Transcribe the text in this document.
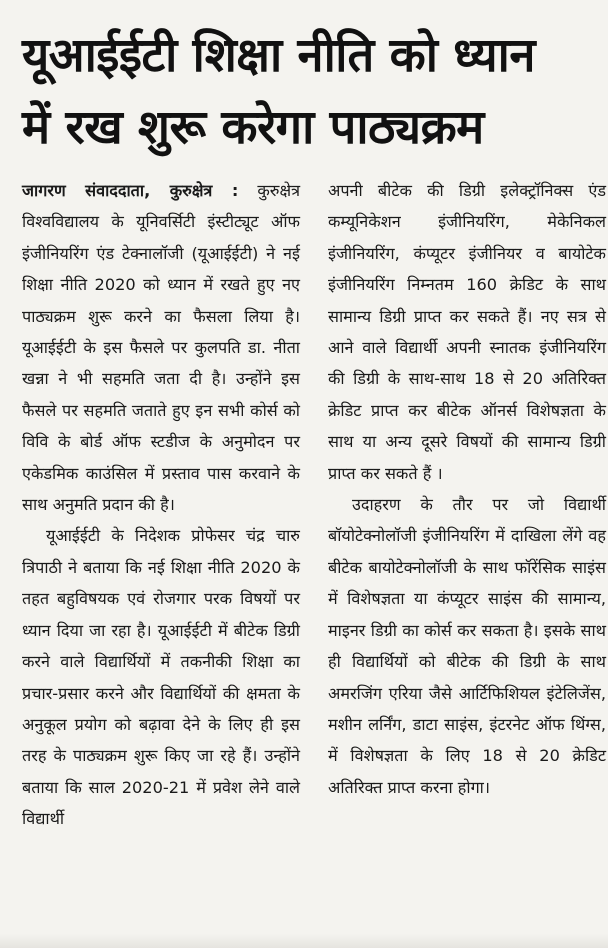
यूआईईटी शिक्षा नीति को ध्यान
में रख शुरू करेगा पाठ्यक्रम

जागरण संवाददाता, कुरुक्षेत्र : कुरुक्षेत्र विश्वविद्यालय के यूनिवर्सिटी इंस्टीट्यूट ऑफ इंजीनियरिंग एंड टेक्नालॉजी (यूआईईटी) ने नई शिक्षा नीति 2020 को ध्यान में रखते हुए नए पाठ्यक्रम शुरू करने का फैसला लिया है। यूआईईटी के इस फैसले पर कुलपति डा. नीता खन्ना ने भी सहमति जता दी है। उन्होंने इस फैसले पर सहमति जताते हुए इन सभी कोर्स को विवि के बोर्ड ऑफ स्टडीज के अनुमोदन पर एकेडमिक काउंसिल में प्रस्ताव पास करवाने के साथ अनुमति प्रदान की है।

यूआईईटी के निदेशक प्रोफेसर चंद्र चारु त्रिपाठी ने बताया कि नई शिक्षा नीति 2020 के तहत बहुविषयक एवं रोजगार परक विषयों पर ध्यान दिया जा रहा है। यूआईईटी में बीटेक डिग्री करने वाले विद्यार्थियों में तकनीकी शिक्षा का प्रचार-प्रसार करने और विद्यार्थियों की क्षमता के अनुकूल प्रयोग को बढ़ावा देने के लिए ही इस तरह के पाठ्यक्रम शुरू किए जा रहे हैं। उन्होंने बताया कि साल 2020-21 में प्रवेश लेने वाले विद्यार्थी

अपनी बीटेक की डिग्री इलेक्ट्रॉनिक्स एंड कम्यूनिकेशन इंजीनियरिंग, मेकेनिकल इंजीनियरिंग, कंप्यूटर इंजीनियर व बायोटेक इंजीनियरिंग निम्नतम 160 क्रेडिट के साथ सामान्य डिग्री प्राप्त कर सकते हैं। नए सत्र से आने वाले विद्यार्थी अपनी स्नातक इंजीनियरिंग की डिग्री के साथ-साथ 18 से 20 अतिरिक्त क्रेडिट प्राप्त कर बीटेक ऑनर्स विशेषज्ञता के साथ या अन्य दूसरे विषयों की सामान्य डिग्री प्राप्त कर सकते हैं ।

उदाहरण के तौर पर जो विद्यार्थी बॉयोटेक्नोलॉजी इंजीनियरिंग में दाखिला लेंगे वह बीटेक बायोटेक्नोलॉजी के साथ फॉरेंसिक साइंस में विशेषज्ञता या कंप्यूटर साइंस की सामान्य, माइनर डिग्री का कोर्स कर सकता है। इसके साथ ही विद्यार्थियों को बीटेक की डिग्री के साथ अमरजिंग एरिया जैसे आर्टिफिशियल इंटेलिजेंस, मशीन लर्निंग, डाटा साइंस, इंटरनेट ऑफ थिंग्स, में विशेषज्ञता के लिए 18 से 20 क्रेडिट अतिरिक्त प्राप्त करना होगा।
